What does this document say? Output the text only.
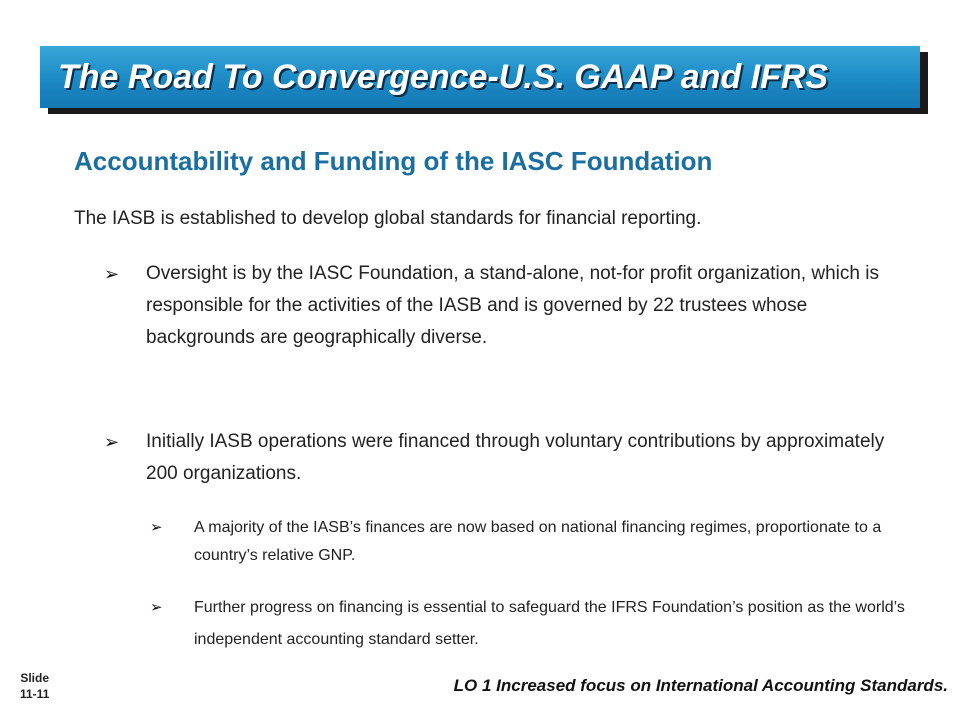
The Road To Convergence-U.S. GAAP and IFRS
Accountability and Funding of the IASC Foundation
The IASB is established to develop global standards for financial reporting.
➢	Oversight is by the IASC Foundation, a stand-alone, not-for profit organization, which is responsible for the activities of the IASB and is governed by 22 trustees whose backgrounds are geographically diverse.
➢	Initially IASB operations were financed through voluntary contributions by approximately 200 organizations.
➢	A majority of the IASB’s finances are now based on national financing regimes, proportionate to a country’s relative GNP.
➢	Further progress on financing is essential to safeguard the IFRS Foundation’s position as the world’s independent accounting standard setter.
Slide
11-11	LO 1 Increased focus on International Accounting Standards.
